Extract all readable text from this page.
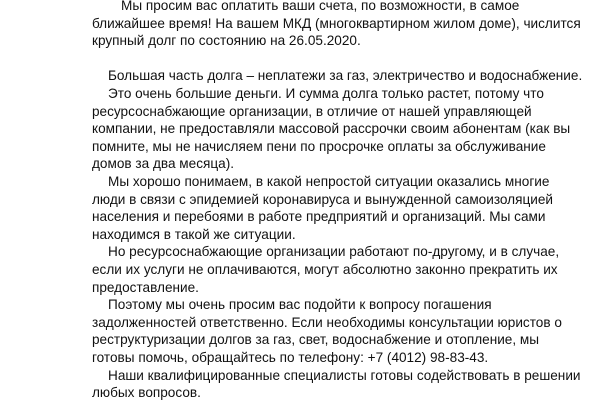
Мы просим вас оплатить ваши счета, по возможности, в самое
ближайшее время! На вашем МКД (многоквартирном жилом доме), числится
крупный долг по состоянию на 26.05.2020.
Большая часть долга – неплатежи за газ, электричество и водоснабжение.
Это очень большие деньги. И сумма долга только растет, потому что
ресурсоснабжающие организации, в отличие от нашей управляющей
компании, не предоставляли массовой рассрочки своим абонентам (как вы
помните, мы не начисляем пени по просрочке оплаты за обслуживание
домов за два месяца).
Мы хорошо понимаем, в какой непростой ситуации оказались многие
люди в связи с эпидемией коронавируса и вынужденной самоизоляцией
населения и перебоями в работе предприятий и организаций. Мы сами
находимся в такой же ситуации.
Но ресурсоснабжающие организации работают по-другому, и в случае,
если их услуги не оплачиваются, могут абсолютно законно прекратить их
предоставление.
Поэтому мы очень просим вас подойти к вопросу погашения
задолженностей ответственно. Если необходимы консультации юристов о
реструктуризации долгов за газ, свет, водоснабжение и отопление, мы
готовы помочь, обращайтесь по телефону: +7 (4012) 98-83-43.
Наши квалифицированные специалисты готовы содействовать в решении
любых вопросов.
